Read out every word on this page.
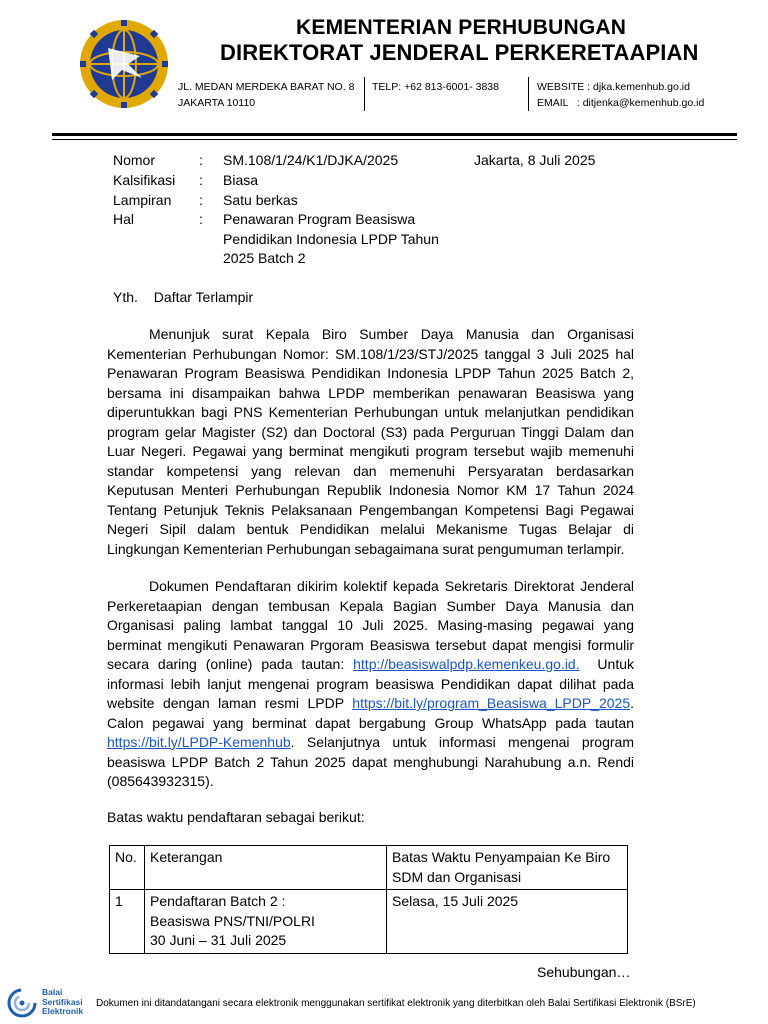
KEMENTERIAN PERHUBUNGAN
DIREKTORAT JENDERAL PERKERETAAPIAN
JL. MEDAN MERDEKA BARAT NO. 8
JAKARTA 10110
TELP: +62 813-6001- 3838	WEBSITE : djka.kemenhub.go.id
EMAIL   : ditjenka@kemenhub.go.id
Nomor	: SM.108/1/24/K1/DJKA/2025	Jakarta, 8 Juli 2025
Kalsifikasi : Biasa
Lampiran : Satu berkas
Hal	: Penawaran Program Beasiswa Pendidikan Indonesia LPDP Tahun 2025 Batch 2
Yth. Daftar Terlampir
Menunjuk surat Kepala Biro Sumber Daya Manusia dan Organisasi Kementerian Perhubungan Nomor: SM.108/1/23/STJ/2025 tanggal 3 Juli 2025 hal Penawaran Program Beasiswa Pendidikan Indonesia LPDP Tahun 2025 Batch 2, bersama ini disampaikan bahwa LPDP memberikan penawaran Beasiswa yang diperuntukkan bagi PNS Kementerian Perhubungan untuk melanjutkan pendidikan program gelar Magister (S2) dan Doctoral (S3) pada Perguruan Tinggi Dalam dan Luar Negeri. Pegawai yang berminat mengikuti program tersebut wajib memenuhi standar kompetensi yang relevan dan memenuhi Persyaratan berdasarkan Keputusan Menteri Perhubungan Republik Indonesia Nomor KM 17 Tahun 2024 Tentang Petunjuk Teknis Pelaksanaan Pengembangan Kompetensi Bagi Pegawai Negeri Sipil dalam bentuk Pendidikan melalui Mekanisme Tugas Belajar di Lingkungan Kementerian Perhubungan sebagaimana surat pengumuman terlampir.
Dokumen Pendaftaran dikirim kolektif kepada Sekretaris Direktorat Jenderal Perkeretaapian dengan tembusan Kepala Bagian Sumber Daya Manusia dan Organisasi paling lambat tanggal 10 Juli 2025. Masing-masing pegawai yang berminat mengikuti Penawaran Prgoram Beasiswa tersebut dapat mengisi formulir secara daring (online) pada tautan: http://beasiswalpdp.kemenkeu.go.id.  Untuk informasi lebih lanjut mengenai program beasiswa Pendidikan dapat dilihat pada website dengan laman resmi LPDP https://bit.ly/program_Beasiswa_LPDP_2025. Calon pegawai yang berminat dapat bergabung Group WhatsApp pada tautan https://bit.ly/LPDP-Kemenhub. Selanjutnya untuk informasi mengenai program beasiswa LPDP Batch 2 Tahun 2025 dapat menghubungi Narahubung a.n. Rendi (085643932315).
Batas waktu pendaftaran sebagai berikut:
No.	Keterangan	Batas Waktu Penyampaian Ke Biro SDM dan Organisasi
1	Pendaftaran Batch 2 :
Beasiswa PNS/TNI/POLRI
30 Juni – 31 Juli 2025	Selasa, 15 Juli 2025
Sehubungan…
Balai
Sertifikasi
Elektronik
Dokumen ini ditandatangani secara elektronik menggunakan sertifikat elektronik yang diterbitkan oleh Balai Sertifikasi Elektronik (BSrE)
